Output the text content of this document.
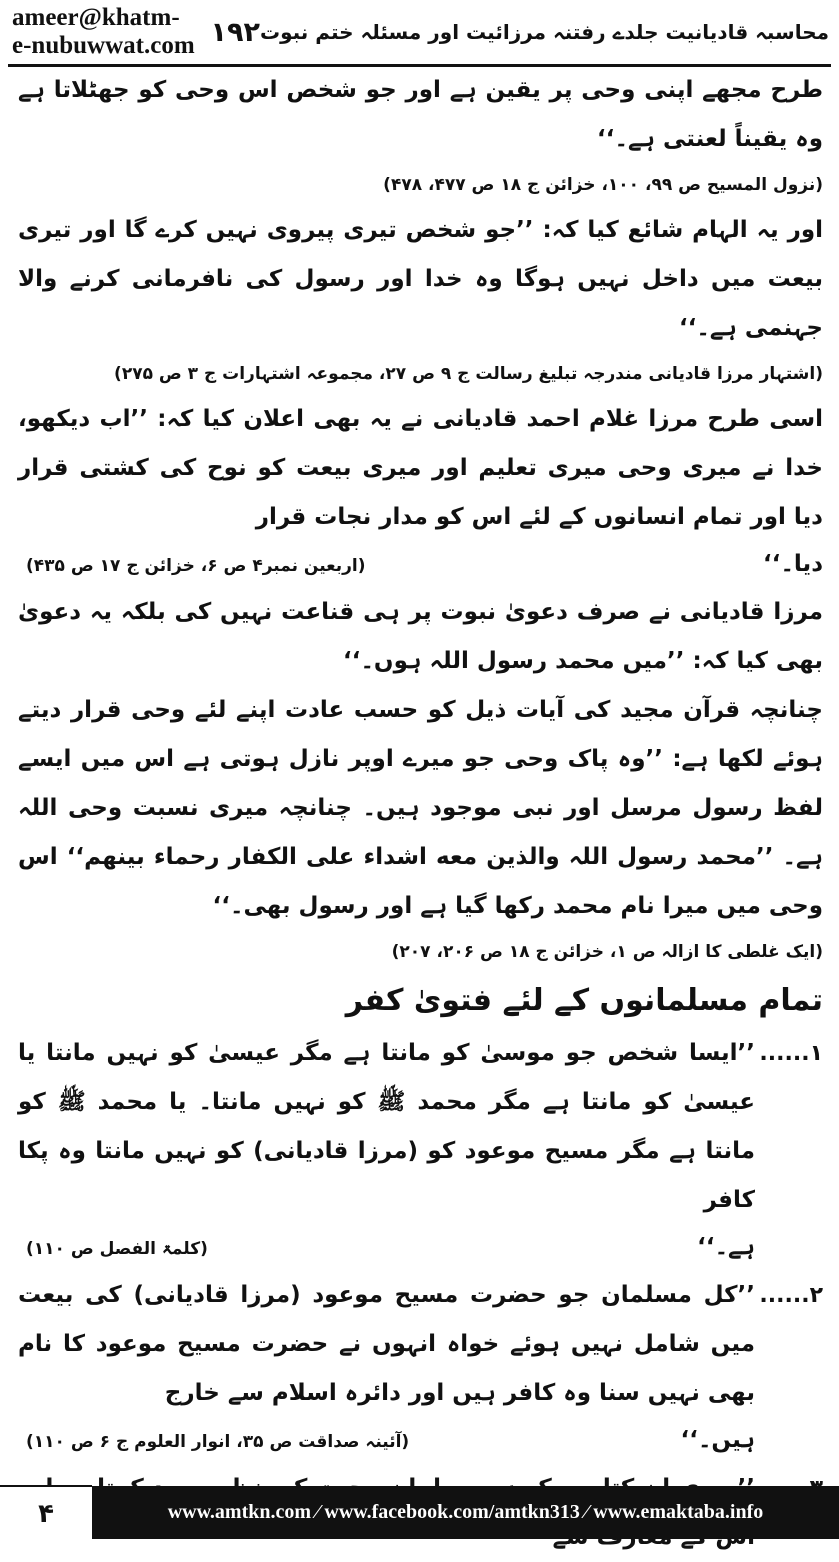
ameer@khatm-e-nubuwwat.com ۱۹۲ محاسبہ قادیانیت جلدے رفتنہ مرزائیت اور مسئلہ ختم نبوت

طرح مجھے اپنی وحی پر یقین ہے اور جو شخص اس وحی کو جھٹلاتا ہے وہ یقیناً لعنتی ہے۔‘‘

(نزول المسیح ص ۹۹، ۱۰۰، خزائن ج ۱۸ ص ۴۷۷، ۴۷۸)

اور یہ الہام شائع کیا کہ: ’’جو شخص تیری پیروی نہیں کرے گا اور تیری بیعت میں داخل نہیں ہوگا وہ خدا اور رسول کی نافرمانی کرنے والا جہنمی ہے۔‘‘

(اشتہار مرزا قادیانی مندرجہ تبلیغ رسالت ج ۹ ص ۲۷، مجموعہ اشتہارات ج ۳ ص ۲۷۵)

اسی طرح مرزا غلام احمد قادیانی نے یہ بھی اعلان کیا کہ: ’’اب دیکھو، خدا نے میری وحی میری تعلیم اور میری بیعت کو نوح کی کشتی قرار دیا اور تمام انسانوں کے لئے اس کو مدار نجات قرار

دیا۔‘‘
(اربعین نمبر۴ ص ۶، خزائن ج ۱۷ ص ۴۳۵)

مرزا قادیانی نے صرف دعویٰ نبوت پر ہی قناعت نہیں کی بلکہ یہ دعویٰ بھی کیا کہ: ’’میں محمد رسول اللہ ہوں۔‘‘

چنانچہ قرآن مجید کی آیات ذیل کو حسب عادت اپنے لئے وحی قرار دیتے ہوئے لکھا ہے: ’’وہ پاک وحی جو میرے اوپر نازل ہوتی ہے اس میں ایسے لفظ رسول مرسل اور نبی موجود ہیں۔ چنانچہ میری نسبت وحی اللہ ہے۔ ’’محمد رسول اللہ والذین معه اشداء علی الکفار رحماء بینهم‘‘ اس وحی میں میرا نام محمد رکھا گیا ہے اور رسول بھی۔‘‘

(ایک غلطی کا ازالہ ص ۱، خزائن ج ۱۸ ص ۲۰۶، ۲۰۷)

تمام مسلمانوں کے لئے فتویٰ کفر

۱......

’’ایسا شخص جو موسیٰ کو مانتا ہے مگر عیسیٰ کو نہیں مانتا یا عیسیٰ کو مانتا ہے مگر محمد ﷺ کو نہیں مانتا۔ یا محمد ﷺ کو مانتا ہے مگر مسیح موعود کو (مرزا قادیانی) کو نہیں مانتا وہ پکا کافر

ہے۔‘‘
(کلمۃ الفصل ص ۱۱۰)
۲......

’’کل مسلمان جو حضرت مسیح موعود (مرزا قادیانی) کی بیعت میں شامل نہیں ہوئے خواہ انہوں نے حضرت مسیح موعود کا نام بھی نہیں سنا وہ کافر ہیں اور دائرہ اسلام سے خارج

ہیں۔‘‘
(آئینہ صداقت ص ۳۵، انوار العلوم ج ۶ ص ۱۱۰)

۴	www.amtkn.com ⁄ www.facebook.com/amtkn313 ⁄ www.emaktaba.info
